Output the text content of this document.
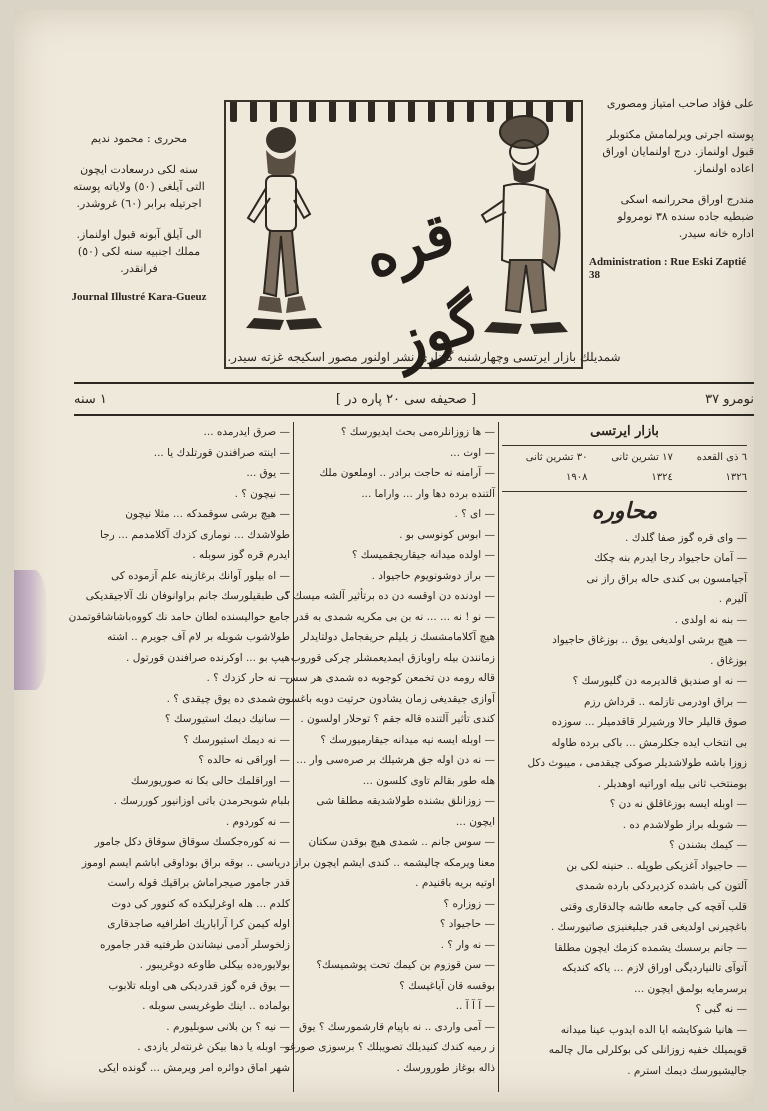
محرری : محمود ندیم
سنه لكی درسعادت ایچون
التی آیلغی (٥٠) ولایاته پوسته
اجرتیله برابر (٦٠) غروشدر.
الی آیلق آبونه قبول اولنماز.
مملك اجنبیه سنه لكی (٥٠)
فرانقدر.
Journal Illustré Kara-Gueuz
قره گوز
علی فؤاد صاحب امتیاز ومصوری
پوسته اجرتی ویرلمامش مكتوبلر
قبول اولنماز. درج اولنمایان اوراق
اعاده اولنماز.
مندرج اوراق محررانمه اسكی
ضبطیه جاده سنده ٣٨ نومرولو
اداره خانه سیدر.
Administration : Rue Eski Zaptié 38
شمدیلك بازار ایرتسی وچهارشنبه گونلری نشر اولنور مصور اسكیجه غزته سیدر.
١ سنه	[ صحیفه سی ٢٠ پاره در ]	نومرو ٣٧

بازار ایرتسی

٦ ذی القعده ١٣٢٦
١٧ تشرین ثانی ١٣٢٤
٣٠ تشرین ثانی ١٩٠٨

محاوره

— وای قره گوز صفا گلدك .

— آمان حاجیواد رجا ایدرم بنه چكك

آجیامسون بی كندی حاله براق راز نی

آلیرم .

— بنه نه اولدی .

— هیچ برشی اولدیغی یوق .. بوزغاق حاجیواد

بوزغاق .

— نه او صندیق قالدیرمه دن گلیورسك ؟

— براق اودرمی تازلمه .. قرداش رزم

صوق قالیلر حالا ورشیرلر قاقدمیلر ... سوزده

بی انتخاب ایده جكلرمش ... باكی برده طاوله

زوزا باشه طولاشدیلر صوكی چیقدمی ، میبوث دكل

بومنتخب ثانی بیله اوراتیه اوهدیلر .

— اوبله ایسه بوزغاقلق نه دن ؟

— شوبله براز طولاشدم ده .

— كیمك بشندن ؟

— حاجیواد آغزیكی طوپله .. حنینه لكی بن

آلتون كی باشده كزدیردكی بارده شمدی

قلب آقچه كی جامعه طاشه چالدقاری وقتی

باغچیرنی اولدیغی قدر جیلیغنیزی صاتیورسك .

— جانم برسسك یشمده كزمك ایچون مطلقا

آتوآی تالنیاردیگی اوراق لازم ... یاكه كندیكه

برسرمایه بولمق ایچون ...

— نه گبی ؟

— هانیا شوكایشه ایا الده ایدوب عینا میدانه

قویمیلك خفیه زوزانلی كی بوكلرلی مال چالمه

جالیشیورسك دیمك استرم .

— ها زوزانلره‌می بحث ایدیورسك ؟

— اوت ...

— آرامنه نه حاجت برادر .. اوملعون ملك

آلتنده برده دها وار ... واراما ...

— ای ؟ .

— ابوس كونوسی بو .

— اولده میدانه جیقاریجقمیسك ؟

— براز دوشونویوم حاجیواد .

— اودنده دن اوقسه دن ده برتأثیر آلشه میسك ؟

— نو ! نه ... ... نه بن بی مكریه شمدی به قدر

هیچ آكلامامشسك ز یلیلم حریفجامل دولتایدلر

زمانندن بیله راوبازق ایمدیعمشلر چركی قوروب

قاله رومه دن تخمعن كوجوبه ده شمدی هر سس

آوازی جیقدیغی زمان یشادون حرتیت دوبه باغسون ...

كندی تأثیر آلتنده قاله جقم ؟ توحلار اولسون .

— اوبله ایسه نیه میدانه جیقارمیورسك ؟

— نه دن اوله جق هرشیلك بر صره‌سی وار ...

هله طور بقالم تاوی كلسون ...

— زوزانلق بشنده طولاشدیقه مطلقا شی

ایچون ...

— سوس جانم .. شمدی هیچ بوقدن سكتان

معنا ویرمكه چالیشمه .. كندی ایشم ایچون براز

اوتیه بریه باقنیدم .

— زوزاره ؟

— حاجیواد ؟

— نه وار ؟ .

— سن قوزوم بن كیمك تحت پوشمیسك؟

بوقسه قان آیاغیسك ؟

— آ آ آ ..

— آمی واردی .. نه باپیام قارشمورسك ؟ یوق

ز رمیه كندك كنیدیلك تصویبلك ؟ برسوزی صورغو

ذاله بوغاز طورورسك .

— صرق ایدرمده ...

— اینته صرافندن قورتلدك یا ...

— یوق ...

— نیچون ؟ .

— هیچ برشی سوقمدكه ... مثلا نیچون

طولاشدك ... نوماری كزدك آكلامدمم ... رجا

ایدرم قره گوز سوبله .

— اه بیلور آوانك برغازینه علم آزموده كی

كی طبقیلورسك جانم براوانوفان نك آلاجیقدیکی

جامع حوالیسنده لطان حامد نك كووه‌باشاشاقوتمدن

طولاشوب شوبله بر لام آف جویرم .. اشته

هیپ بو ... اوكرنده صرافندن قورتول .

— نه حار كزدك ؟ .

— شمدی ده یوق چیقدی ؟ .

— سانیك دیمك استیورسك ؟

— نه دیمك استیورسك ؟

— اوراقی نه حالده ؟

— اوراقلمك حالی بكا نه صوریورسك

بلبام شوبحرمدن باتی اوزانیور كوررسك .

— نه كوردوم .

— نه كوره‌جكسك سوقاق سوقاق دكل جامور

دریاسی .. بوقه براق بوداوقی اباشم ایسم اوموز

قدر جامور صیجراماش براقیك قوله راست

كلدم ... هله اوغرلیكده كه كنوور كی دوت

اوله كیمن كرا آراباریك اطرافیه صاجدقاری

زلخوسلر آدمی نیشاندن طرفتیه قدر جاموره

بولایوره‌ده بیكلی طاوعه دوغریبور .

— یوق قره گوز قدردیكی هی اوبله تلابوب

بولماده .. اینك طوغریسی سوبله .

— نیه ؟ بن بلانی سوبلیورم .

— اوبله یا دها بیكن غرنته‌لر یازدی .

شهر اماق دوائره امر ویرمش ... گونده ایكی
